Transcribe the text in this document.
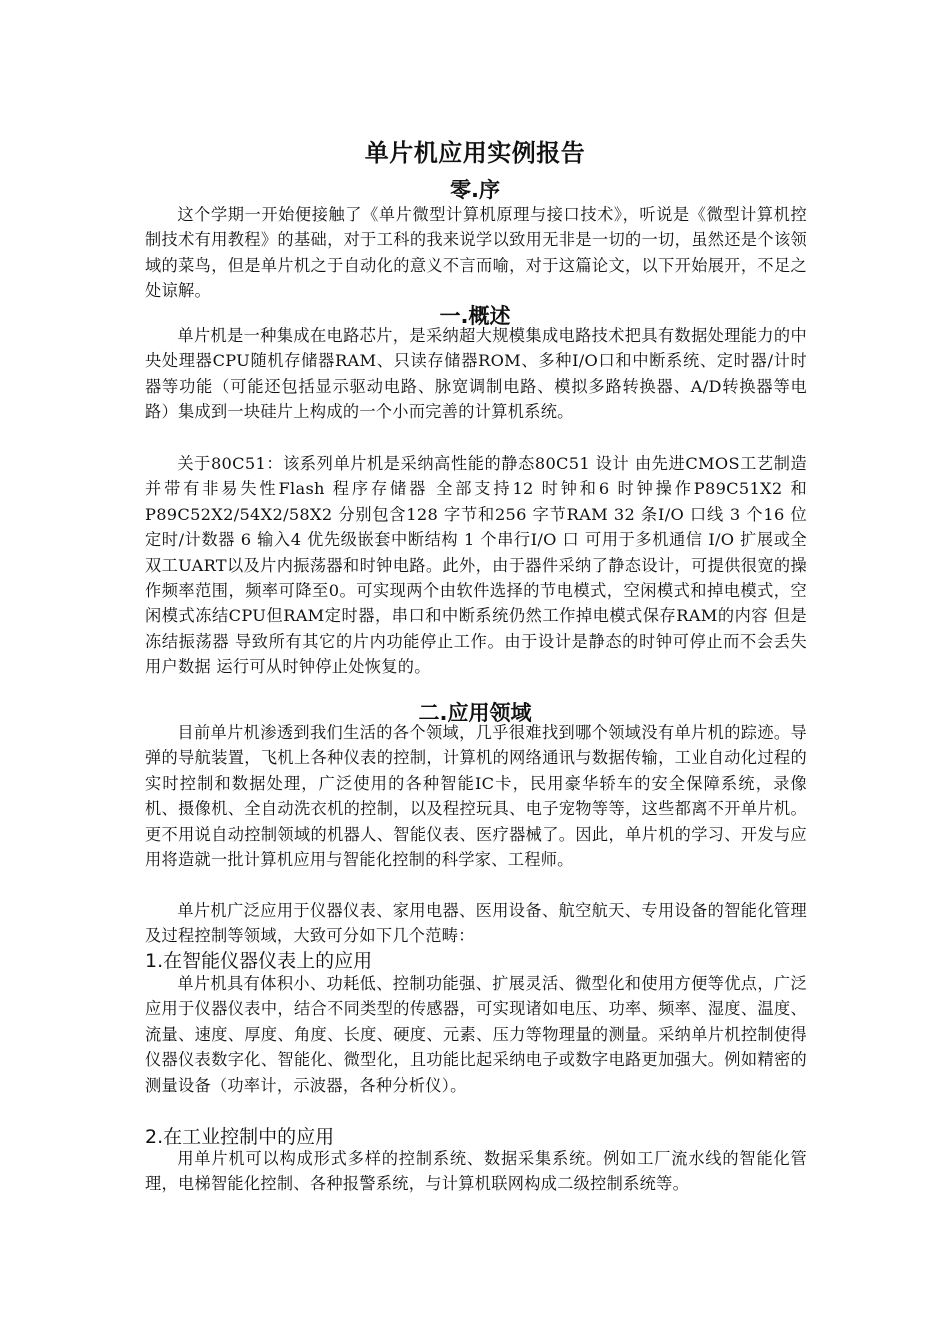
单片机应用实例报告
零.序

这个学期一开始便接触了《单片微型计算机原理与接口技术》，听说是《微型计算机控制技术有用教程》的基础，对于工科的我来说学以致用无非是一切的一切，虽然还是个该领域的菜鸟，但是单片机之于自动化的意义不言而喻，对于这篇论文，以下开始展开，不足之处谅解。

一.概述

单片机是一种集成在电路芯片，是采纳超大规模集成电路技术把具有数据处理能力的中央处理器CPU随机存储器RAM、只读存储器ROM、多种I/O口和中断系统、定时器/计时器等功能（可能还包括显示驱动电路、脉宽调制电路、模拟多路转换器、A/D转换器等电路）集成到一块硅片上构成的一个小而完善的计算机系统。

关于80C51：该系列单片机是采纳高性能的静态80C51 设计 由先进CMOS工艺制造并带有非易失性Flash 程序存储器 全部支持12 时钟和6 时钟操作P89C51X2 和P89C52X2/54X2/58X2 分别包含128 字节和256 字节RAM 32 条I/O 口线 3 个16 位定时/计数器 6 输入4 优先级嵌套中断结构 1 个串行I/O 口 可用于多机通信 I/O 扩展或全双工UART以及片内振荡器和时钟电路。此外，由于器件采纳了静态设计，可提供很宽的操作频率范围，频率可降至0。可实现两个由软件选择的节电模式，空闲模式和掉电模式，空闲模式冻结CPU但RAM定时器，串口和中断系统仍然工作掉电模式保存RAM的内容 但是冻结振荡器 导致所有其它的片内功能停止工作。由于设计是静态的时钟可停止而不会丢失用户数据 运行可从时钟停止处恢复的。

二.应用领域

目前单片机渗透到我们生活的各个领域，几乎很难找到哪个领域没有单片机的踪迹。导弹的导航装置，飞机上各种仪表的控制，计算机的网络通讯与数据传输，工业自动化过程的实时控制和数据处理，广泛使用的各种智能IC卡，民用豪华轿车的安全保障系统，录像机、摄像机、全自动洗衣机的控制，以及程控玩具、电子宠物等等，这些都离不开单片机。更不用说自动控制领域的机器人、智能仪表、医疗器械了。因此，单片机的学习、开发与应用将造就一批计算机应用与智能化控制的科学家、工程师。

单片机广泛应用于仪器仪表、家用电器、医用设备、航空航天、专用设备的智能化管理及过程控制等领域，大致可分如下几个范畴：

1.在智能仪器仪表上的应用

单片机具有体积小、功耗低、控制功能强、扩展灵活、微型化和使用方便等优点，广泛应用于仪器仪表中，结合不同类型的传感器，可实现诸如电压、功率、频率、湿度、温度、流量、速度、厚度、角度、长度、硬度、元素、压力等物理量的测量。采纳单片机控制使得仪器仪表数字化、智能化、微型化，且功能比起采纳电子或数字电路更加强大。例如精密的测量设备（功率计，示波器，各种分析仪）。

2.在工业控制中的应用

用单片机可以构成形式多样的控制系统、数据采集系统。例如工厂流水线的智能化管理，电梯智能化控制、各种报警系统，与计算机联网构成二级控制系统等。
